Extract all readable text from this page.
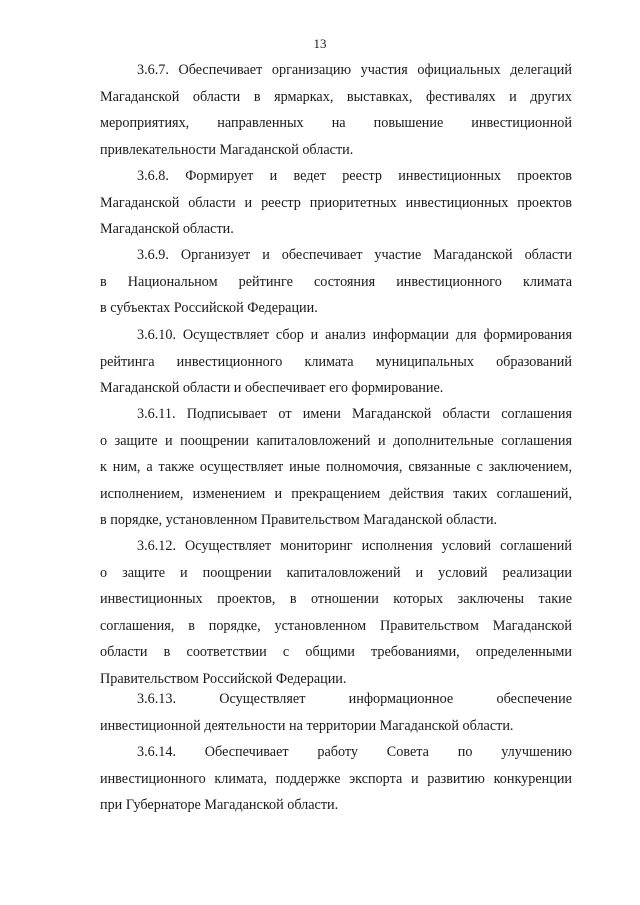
13
3.6.7. Обеспечивает организацию участия официальных делегаций
Магаданской области в ярмарках, выставках, фестивалях и других
мероприятиях, направленных на повышение инвестиционной
привлекательности Магаданской области.
3.6.8. Формирует и ведет реестр инвестиционных проектов
Магаданской области и реестр приоритетных инвестиционных проектов
Магаданской области.
3.6.9. Организует и обеспечивает участие Магаданской области
в Национальном рейтинге состояния инвестиционного климата
в субъектах Российской Федерации.
3.6.10. Осуществляет сбор и анализ информации для формирования
рейтинга инвестиционного климата муниципальных образований
Магаданской области и обеспечивает его формирование.
3.6.11. Подписывает от имени Магаданской области соглашения
о защите и поощрении капиталовложений и дополнительные соглашения
к ним, а также осуществляет иные полномочия, связанные с заключением,
исполнением, изменением и прекращением действия таких соглашений,
в порядке, установленном Правительством Магаданской области.
3.6.12. Осуществляет мониторинг исполнения условий соглашений
о защите и поощрении капиталовложений и условий реализации
инвестиционных проектов, в отношении которых заключены такие
соглашения, в порядке, установленном Правительством Магаданской
области в соответствии с общими требованиями, определенными
Правительством Российской Федерации.
3.6.13. Осуществляет информационное обеспечение
инвестиционной деятельности на территории Магаданской области.
3.6.14. Обеспечивает работу Совета по улучшению
инвестиционного климата, поддержке экспорта и развитию конкуренции
при Губернаторе Магаданской области.
